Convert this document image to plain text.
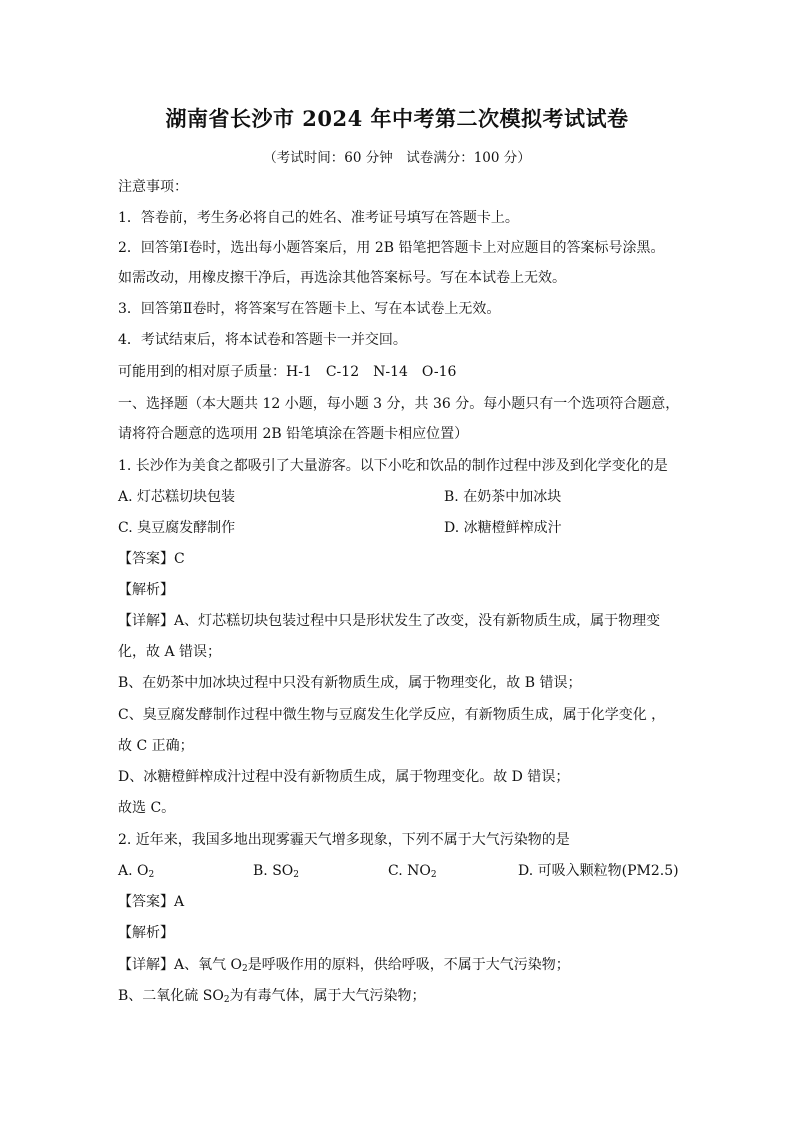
湖南省长沙市 2024 年中考第二次模拟考试试卷
（考试时间：60 分钟　试卷满分：100 分）
注意事项：
1．答卷前，考生务必将自己的姓名、准考证号填写在答题卡上。
2．回答第Ⅰ卷时，选出每小题答案后，用 2B 铅笔把答题卡上对应题目的答案标号涂黑。
如需改动，用橡皮擦干净后，再选涂其他答案标号。写在本试卷上无效。
3．回答第Ⅱ卷时，将答案写在答题卡上、写在本试卷上无效。
4．考试结束后，将本试卷和答题卡一并交回。
可能用到的相对原子质量：H-1　C-12　N-14　O-16
一、选择题（本大题共 12 小题，每小题 3 分，共 36 分。每小题只有一个选项符合题意，
请将符合题意的选项用 2B 铅笔填涂在答题卡相应位置）
1. 长沙作为美食之都吸引了大量游客。以下小吃和饮品的制作过程中涉及到化学变化的是
A. 灯芯糕切块包装	B. 在奶茶中加冰块
C. 臭豆腐发酵制作	D. 冰糖橙鲜榨成汁
【答案】C
【解析】
【详解】A、灯芯糕切块包装过程中只是形状发生了改变，没有新物质生成，属于物理变
化，故 A 错误；
B、在奶茶中加冰块过程中只没有新物质生成，属于物理变化，故 B 错误；
C、臭豆腐发酵制作过程中微生物与豆腐发生化学反应，有新物质生成，属于化学变化 ，
故 C 正确；
D、冰糖橙鲜榨成汁过程中没有新物质生成，属于物理变化。故 D 错误；
故选 C。
2. 近年来，我国多地出现雾霾天气增多现象，下列不属于大气污染物的是
A. $O_2$	B. $SO_2$	C. $NO_2$	D. 可吸入颗粒物(PM2.5)
【答案】A
【解析】
【详解】A、氧气 $O_2$是呼吸作用的原料，供给呼吸，不属于大气污染物；
B、二氧化硫 $SO_2$为有毒气体，属于大气污染物；
